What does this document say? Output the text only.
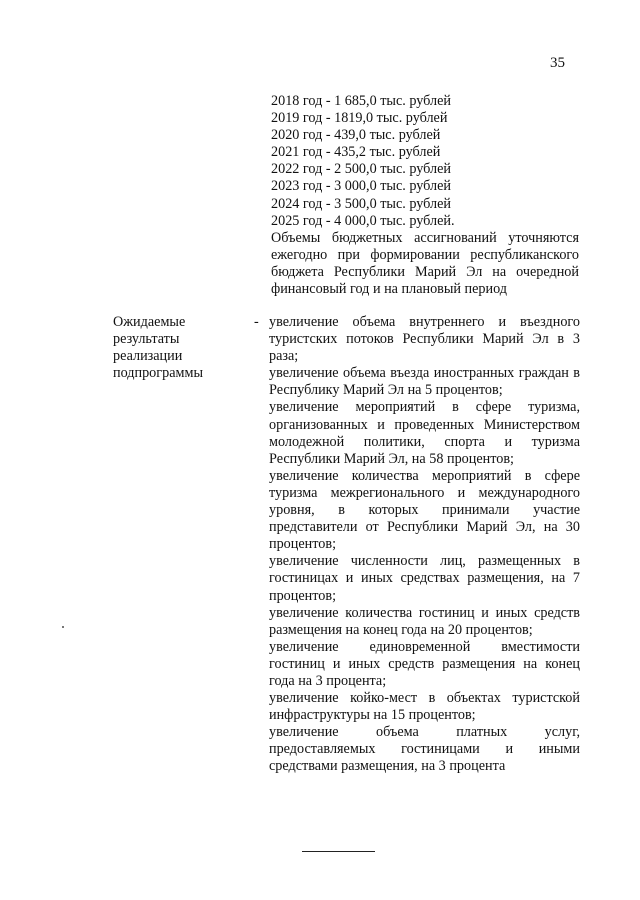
35
2018 год - 1 685,0 тыс. рублей
2019 год - 1819,0 тыс. рублей
2020 год - 439,0 тыс. рублей
2021 год - 435,2 тыс. рублей
2022 год - 2 500,0 тыс. рублей
2023 год - 3 000,0 тыс. рублей
2024 год - 3 500,0 тыс. рублей
2025 год - 4 000,0 тыс. рублей.
Объемы бюджетных ассигнований уточняются
ежегодно при формировании республиканского
бюджета Республики Марий Эл на очередной
финансовый год и на плановый период
Ожидаемые результаты реализации подпрограммы
- увеличение объема внутреннего и въездного туристских потоков Республики Марий Эл в 3 раза;
увеличение объема въезда иностранных граждан в Республику Марий Эл на 5 процентов;
увеличение мероприятий в сфере туризма, организованных и проведенных Министерством молодежной политики, спорта и туризма Республики Марий Эл, на 58 процентов;
увеличение количества мероприятий в сфере туризма межрегионального и международного уровня, в которых принимали участие представители от Республики Марий Эл, на 30 процентов;
увеличение численности лиц, размещенных в гостиницах и иных средствах размещения, на 7 процентов;
увеличение количества гостиниц и иных средств размещения на конец года на 20 процентов;
увеличение единовременной вместимости гостиниц и иных средств размещения на конец года на 3 процента;
увеличение койко-мест в объектах туристской инфраструктуры на 15 процентов;
увеличение объема платных услуг, предоставляемых гостиницами и иными средствами размещения, на 3 процента
